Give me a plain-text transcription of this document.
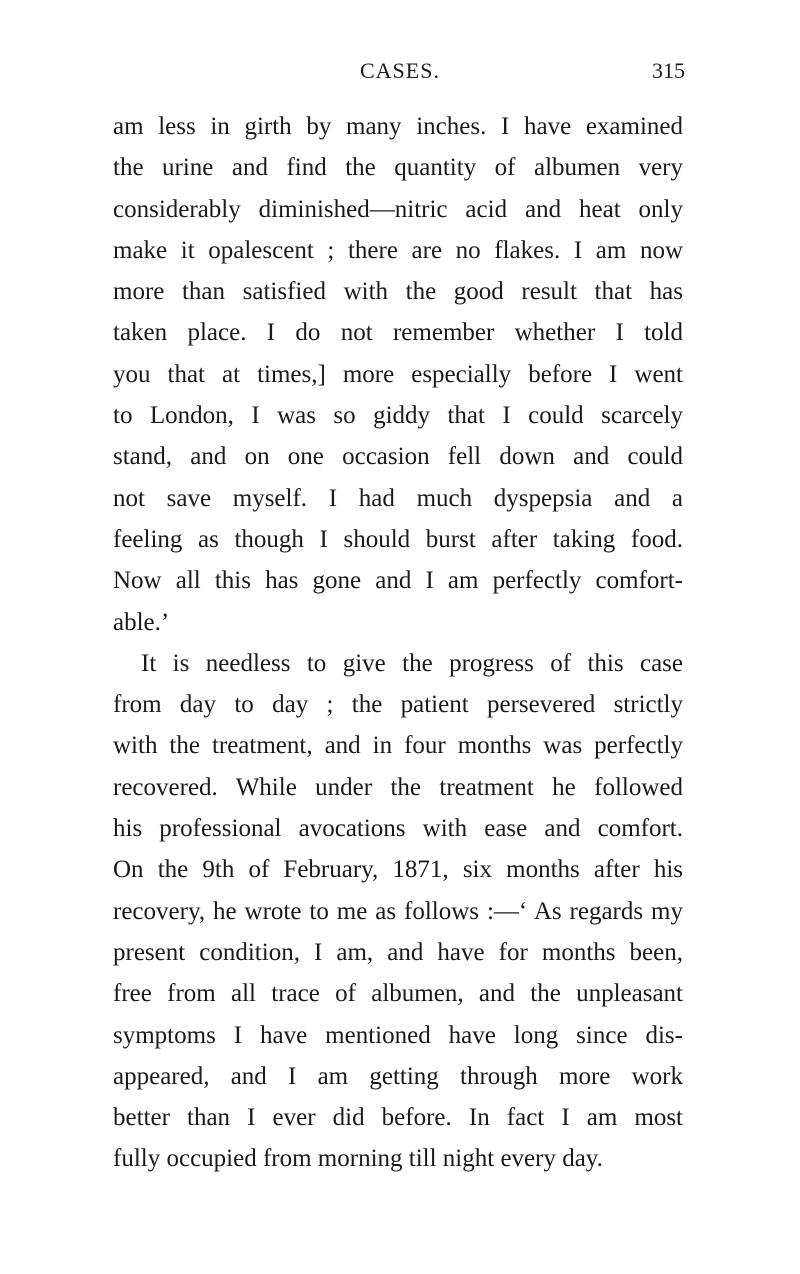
CASES.	315
am less in girth by many inches. I have examined
the urine and find the quantity of albumen very
considerably diminished—nitric acid and heat only
make it opalescent ; there are no flakes. I am now
more than satisfied with the good result that has
taken place. I do not remember whether I told
you that at times,] more especially before I went
to London, I was so giddy that I could scarcely
stand, and on one occasion fell down and could
not save myself. I had much dyspepsia and a
feeling as though I should burst after taking food.
Now all this has gone and I am perfectly comfort-
able.’
It is needless to give the progress of this case
from day to day ; the patient persevered strictly
with the treatment, and in four months was perfectly
recovered. While under the treatment he followed
his professional avocations with ease and comfort.
On the 9th of February, 1871, six months after his
recovery, he wrote to me as follows :—‘ As regards my
present condition, I am, and have for months been,
free from all trace of albumen, and the unpleasant
symptoms I have mentioned have long since dis-
appeared, and I am getting through more work
better than I ever did before. In fact I am most
fully occupied from morning till night every day.
